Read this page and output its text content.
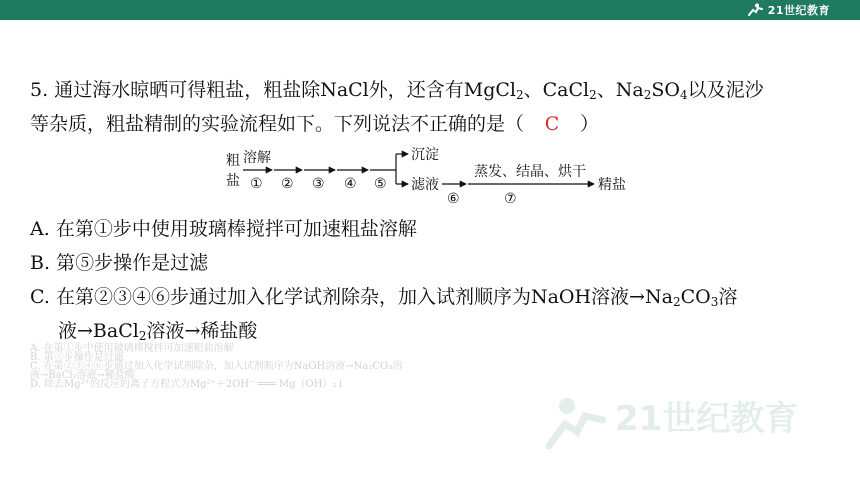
21世纪教育
5. 通过海水晾晒可得粗盐，粗盐除NaCl外，还含有MgCl$_2$、CaCl$_2$、$Na_2SO_4$以及泥沙
等杂质，粗盐精制的实验流程如下。下列说法不正确的是（ C ）
粗
盐
溶解
① ② ③ ④ ⑤
沉淀
滤液
⑥
蒸发、结晶、烘干
⑦
精盐
A. 在第①步中使用玻璃棒搅拌可加速粗盐溶解
B. 第⑤步操作是过滤
C. 在第②③④⑥步通过加入化学试剂除杂，加入试剂顺序为NaOH溶液$\to Na_2CO_3$溶
液→BaCl$_2$溶液→稀盐酸
A. 在第①步中使用玻璃棒搅拌可加速粗盐溶解
B. 第⑤步操作是过滤
C. 在第②③④⑥步通过加入化学试剂除杂，加入试剂顺序为NaOH溶液→Na₂CO₃溶
液→BaCl₂溶液→稀盐酸
D. 除去Mg²⁺的反应的离子方程式为Mg²⁺＋2OH⁻ ═══ Mg（OH）₂↓
21世纪教育
